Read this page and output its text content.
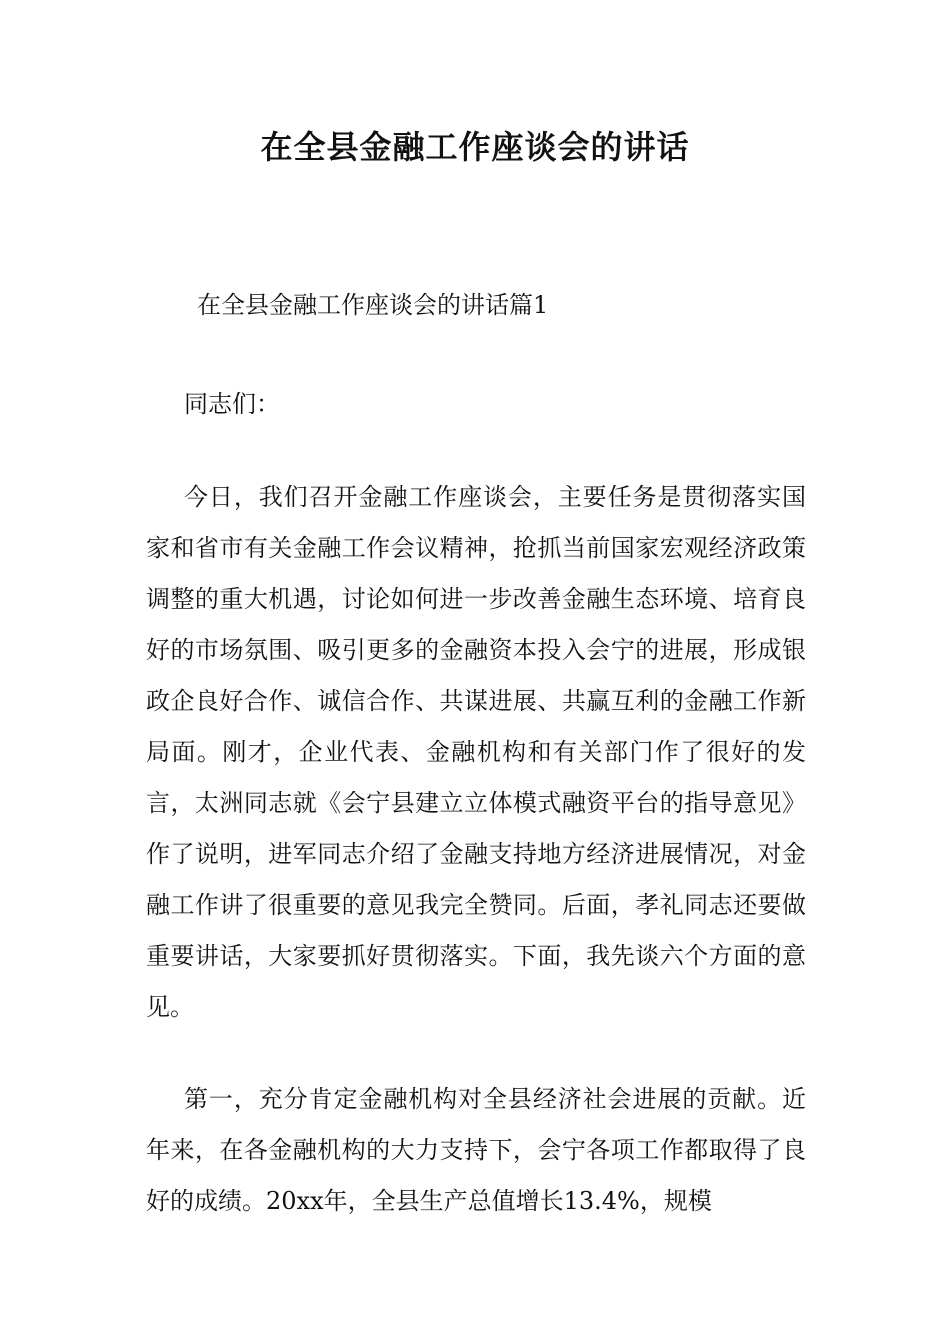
在全县金融工作座谈会的讲话
在全县金融工作座谈会的讲话篇1
同志们：

今日，我们召开金融工作座谈会，主要任务是贯彻落实国家和省市有关金融工作会议精神，抢抓当前国家宏观经济政策调整的重大机遇，讨论如何进一步改善金融生态环境、培育良好的市场氛围、吸引更多的金融资本投入会宁的进展，形成银政企良好合作、诚信合作、共谋进展、共赢互利的金融工作新局面。刚才，企业代表、金融机构和有关部门作了很好的发言，太洲同志就《会宁县建立立体模式融资平台的指导意见》作了说明，进军同志介绍了金融支持地方经济进展情况，对金融工作讲了很重要的意见我完全赞同。后面，孝礼同志还要做重要讲话，大家要抓好贯彻落实。下面，我先谈六个方面的意见。

第一，充分肯定金融机构对全县经济社会进展的贡献。近年来，在各金融机构的大力支持下，会宁各项工作都取得了良好的成绩。20xx年，全县生产总值增长13.4%，规模
